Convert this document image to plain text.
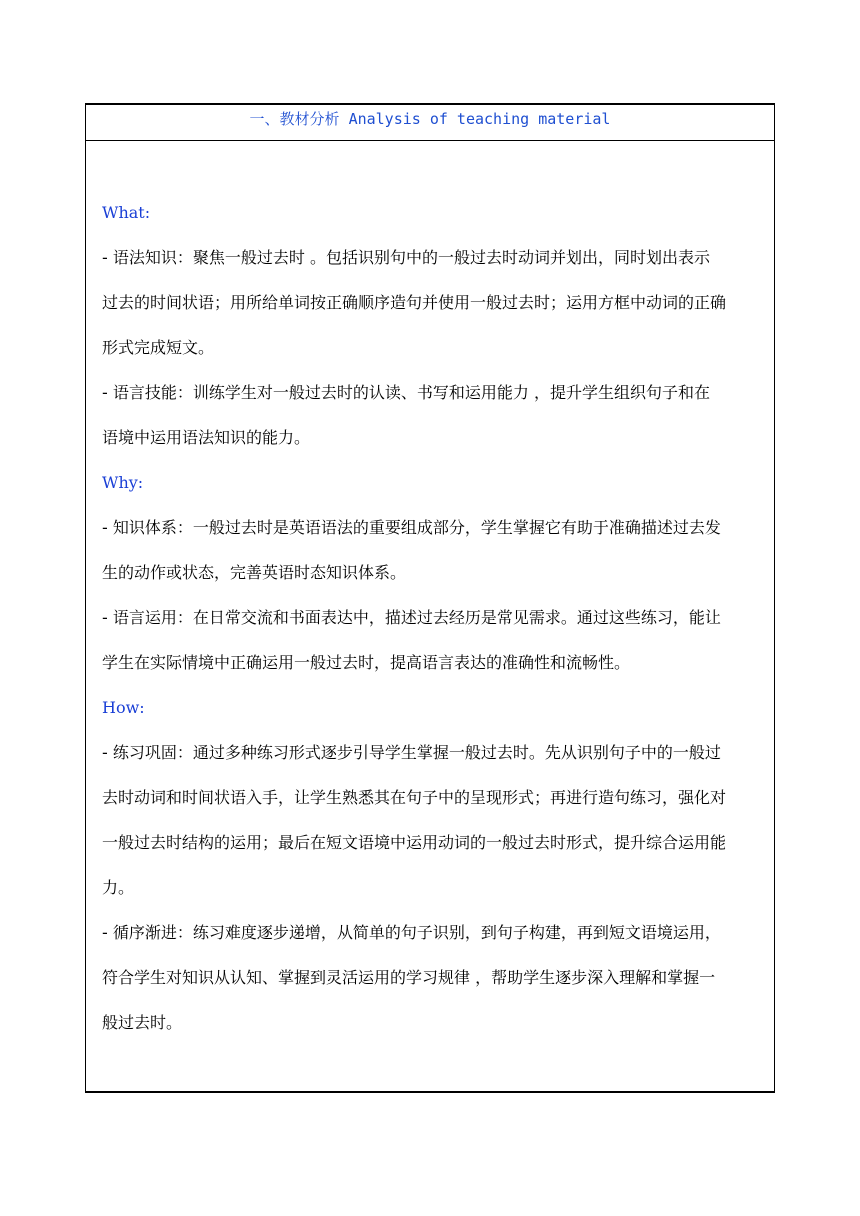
一、教材分析 Analysis of teaching material
What:
- 语法知识：聚焦一般过去时 。包括识别句中的一般过去时动词并划出，同时划出表示
过去的时间状语；用所给单词按正确顺序造句并使用一般过去时；运用方框中动词的正确
形式完成短文。
- 语言技能：训练学生对一般过去时的认读、书写和运用能力 ，提升学生组织句子和在
语境中运用语法知识的能力。
Why:
- 知识体系：一般过去时是英语语法的重要组成部分，学生掌握它有助于准确描述过去发
生的动作或状态，完善英语时态知识体系。
- 语言运用：在日常交流和书面表达中，描述过去经历是常见需求。通过这些练习，能让
学生在实际情境中正确运用一般过去时，提高语言表达的准确性和流畅性。
How:
- 练习巩固：通过多种练习形式逐步引导学生掌握一般过去时。先从识别句子中的一般过
去时动词和时间状语入手，让学生熟悉其在句子中的呈现形式；再进行造句练习，强化对
一般过去时结构的运用；最后在短文语境中运用动词的一般过去时形式，提升综合运用能
力。
- 循序渐进：练习难度逐步递增，从简单的句子识别，到句子构建，再到短文语境运用，
符合学生对知识从认知、掌握到灵活运用的学习规律 ，帮助学生逐步深入理解和掌握一
般过去时。
